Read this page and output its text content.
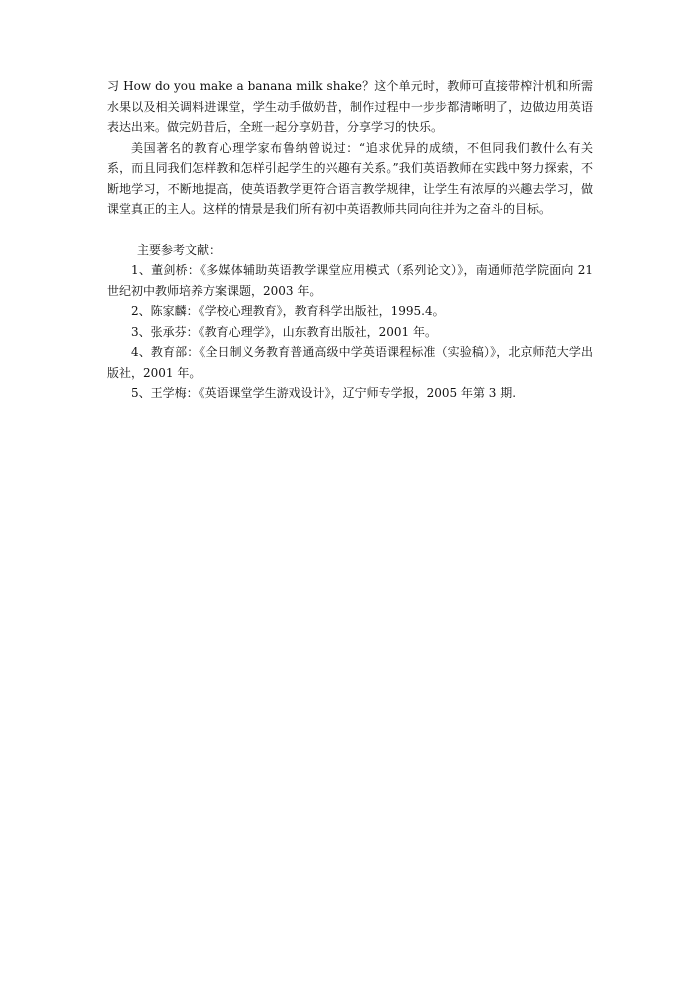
习 How do you make a banana milk shake？这个单元时，教师可直接带榨汁机和所需水果以及相关调料进课堂，学生动手做奶昔，制作过程中一步步都清晰明了，边做边用英语表达出来。做完奶昔后，全班一起分享奶昔，分享学习的快乐。

美国著名的教育心理学家布鲁纳曾说过：“追求优异的成绩，不但同我们教什么有关系，而且同我们怎样教和怎样引起学生的兴趣有关系。”我们英语教师在实践中努力探索，不断地学习，不断地提高，使英语教学更符合语言教学规律，让学生有浓厚的兴趣去学习，做课堂真正的主人。这样的情景是我们所有初中英语教师共同向往并为之奋斗的目标。

主要参考文献：

1、董剑桥：《多媒体辅助英语教学课堂应用模式（系列论文）》，南通师范学院面向 21 世纪初中教师培养方案课题，2003 年。

2、陈家麟：《学校心理教育》，教育科学出版社，1995.4。

3、张承芬：《教育心理学》，山东教育出版社，2001 年。

4、教育部：《全日制义务教育普通高级中学英语课程标准（实验稿）》，北京师范大学出版社，2001 年。

5、王学梅：《英语课堂学生游戏设计》，辽宁师专学报，2005 年第 3 期.
